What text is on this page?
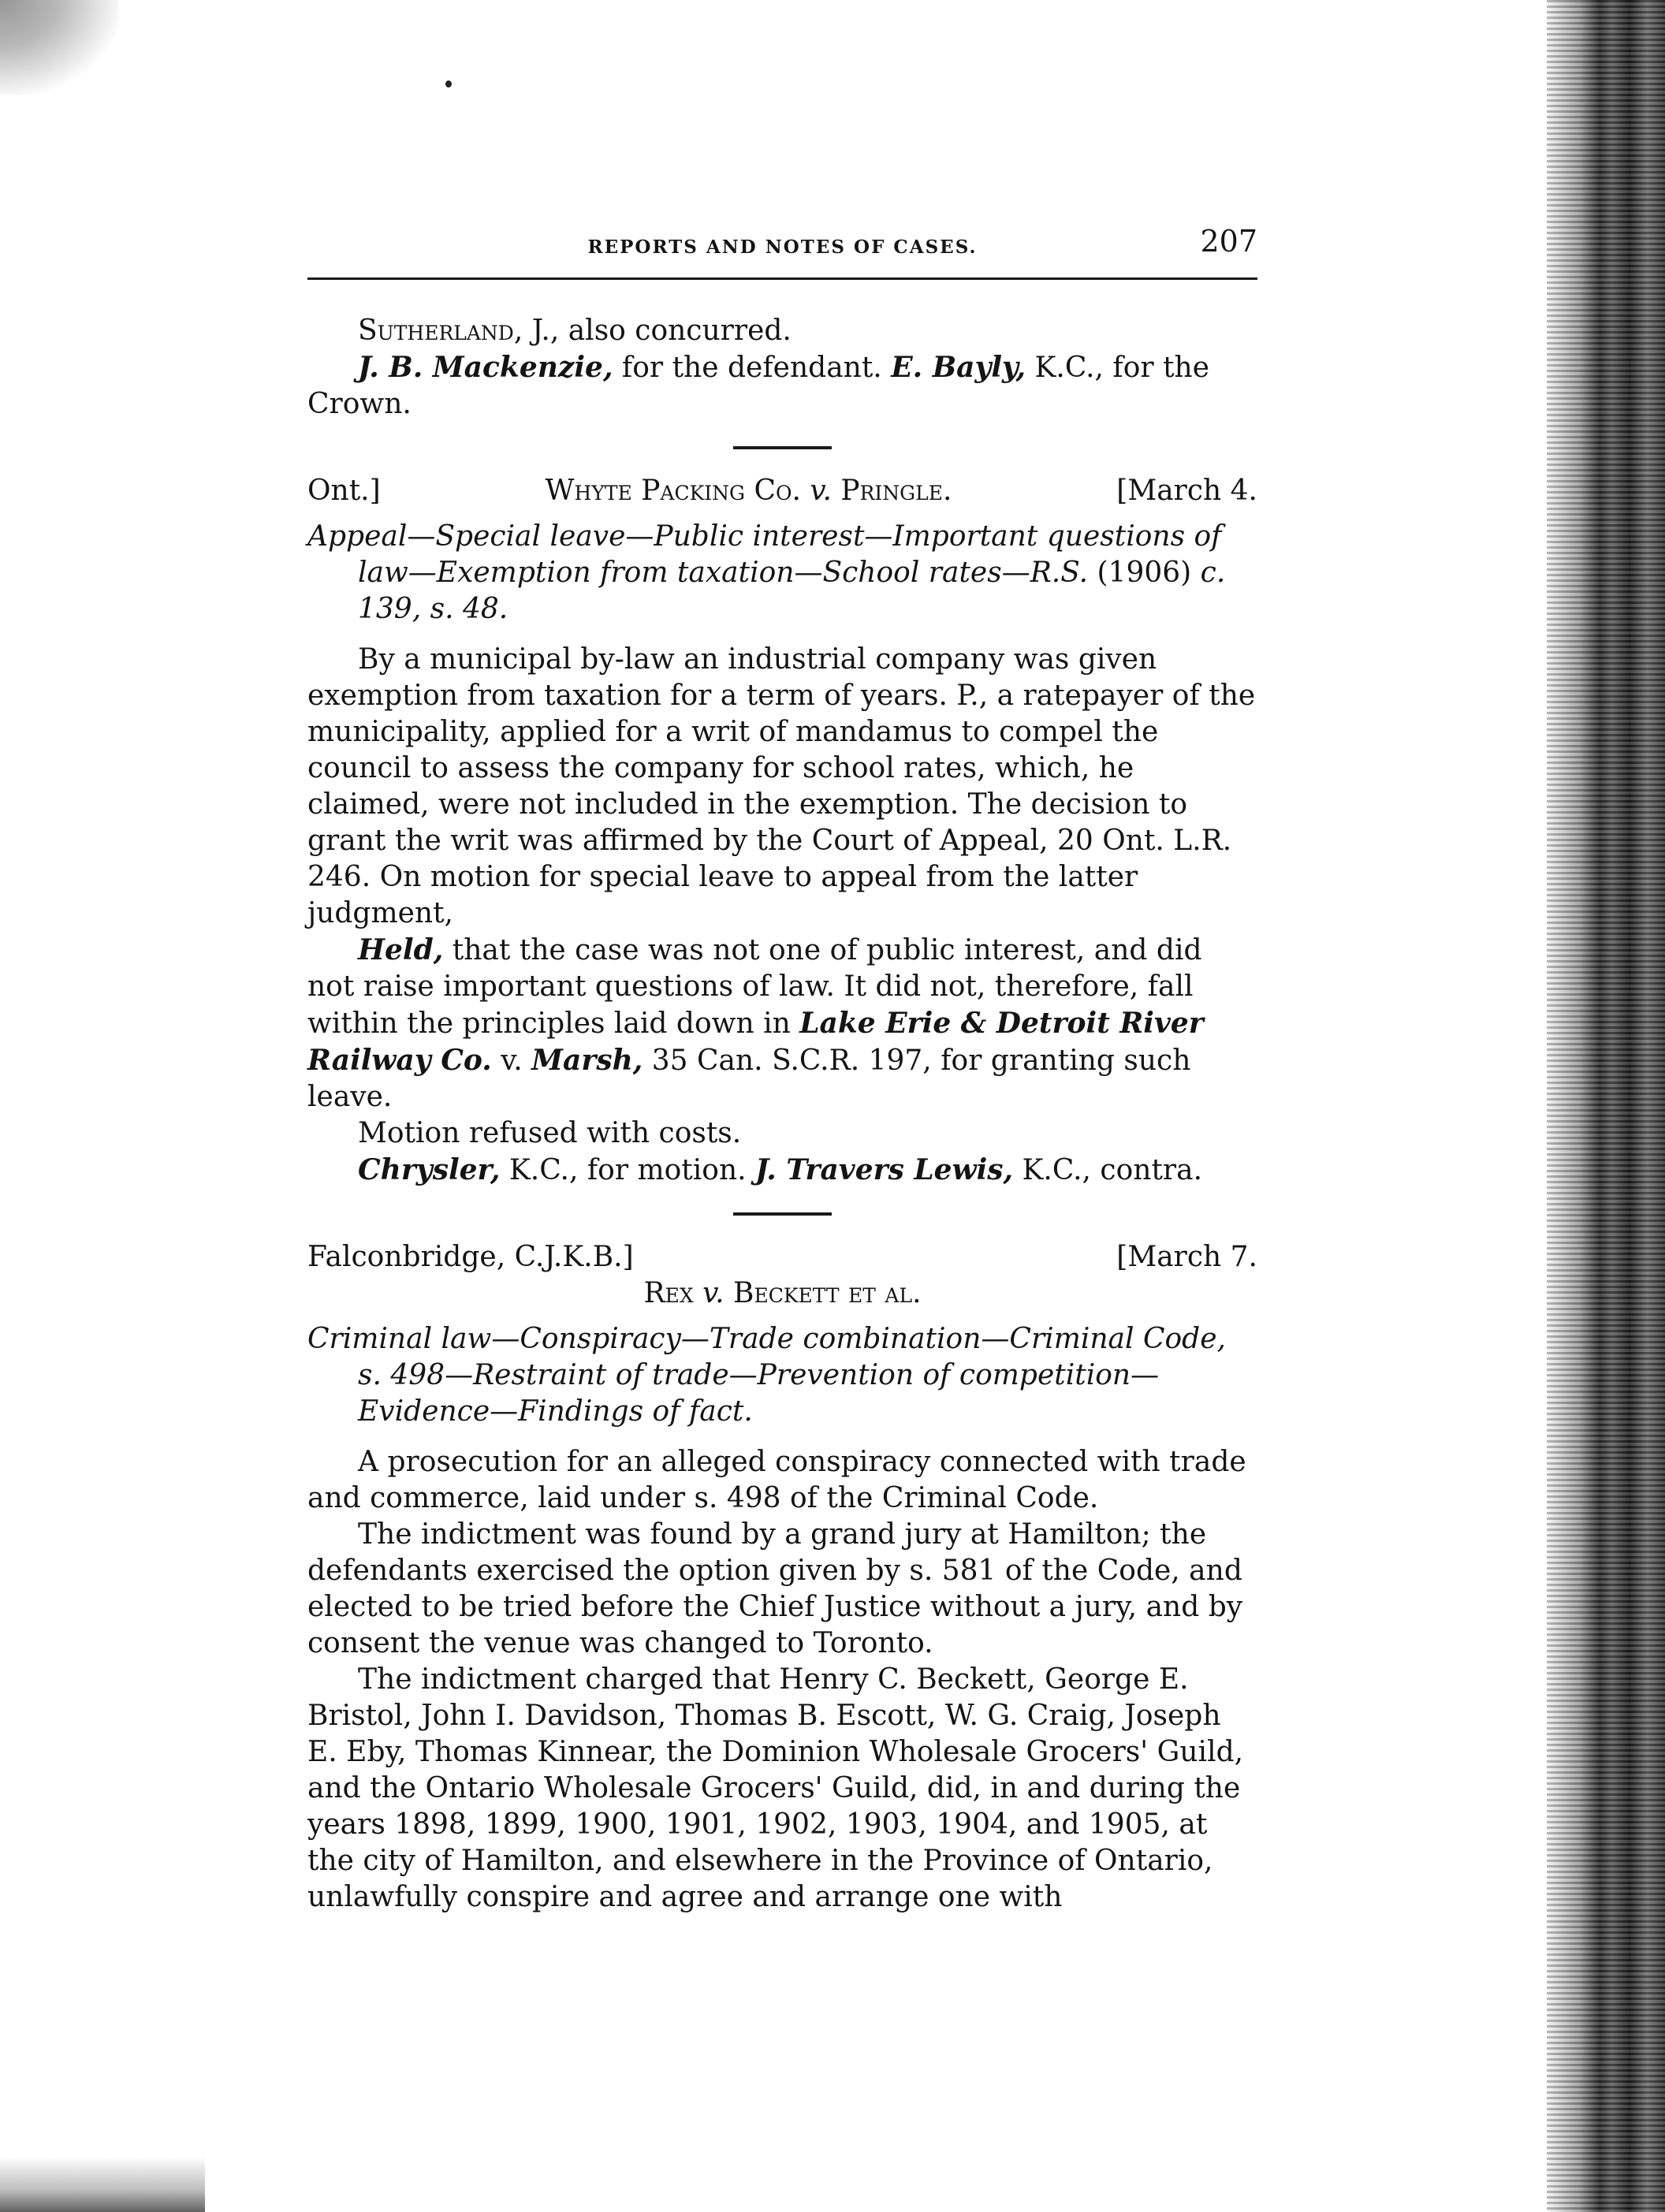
REPORTS AND NOTES OF CASES.	207

Sutherland, J., also concurred.

J. B. Mackenzie, for the defendant. E. Bayly, K.C., for the Crown.

Ont.]	Whyte Packing Co. v. Pringle.	[March 4.
Appeal—Special leave—Public interest—Important questions of law—Exemption from taxation—School rates—R.S. (1906) c. 139, s. 48.

By a municipal by-law an industrial company was given exemption from taxation for a term of years. P., a ratepayer of the municipality, applied for a writ of mandamus to compel the council to assess the company for school rates, which, he claimed, were not included in the exemption. The decision to grant the writ was affirmed by the Court of Appeal, 20 Ont. L.R. 246. On motion for special leave to appeal from the latter judgment,

Held, that the case was not one of public interest, and did not raise important questions of law. It did not, therefore, fall within the principles laid down in Lake Erie & Detroit River Railway Co. v. Marsh, 35 Can. S.C.R. 197, for granting such leave.

Motion refused with costs.

Chrysler, K.C., for motion. J. Travers Lewis, K.C., contra.

Falconbridge, C.J.K.B.]	[March 7.
Rex v. Beckett et al.
Criminal law—Conspiracy—Trade combination—Criminal Code, s. 498—Restraint of trade—Prevention of competition—Evidence—Findings of fact.

A prosecution for an alleged conspiracy connected with trade and commerce, laid under s. 498 of the Criminal Code.

The indictment was found by a grand jury at Hamilton; the defendants exercised the option given by s. 581 of the Code, and elected to be tried before the Chief Justice without a jury, and by consent the venue was changed to Toronto.

The indictment charged that Henry C. Beckett, George E. Bristol, John I. Davidson, Thomas B. Escott, W. G. Craig, Joseph E. Eby, Thomas Kinnear, the Dominion Wholesale Grocers' Guild, and the Ontario Wholesale Grocers' Guild, did, in and during the years 1898, 1899, 1900, 1901, 1902, 1903, 1904, and 1905, at the city of Hamilton, and elsewhere in the Province of Ontario, unlawfully conspire and agree and arrange one with
